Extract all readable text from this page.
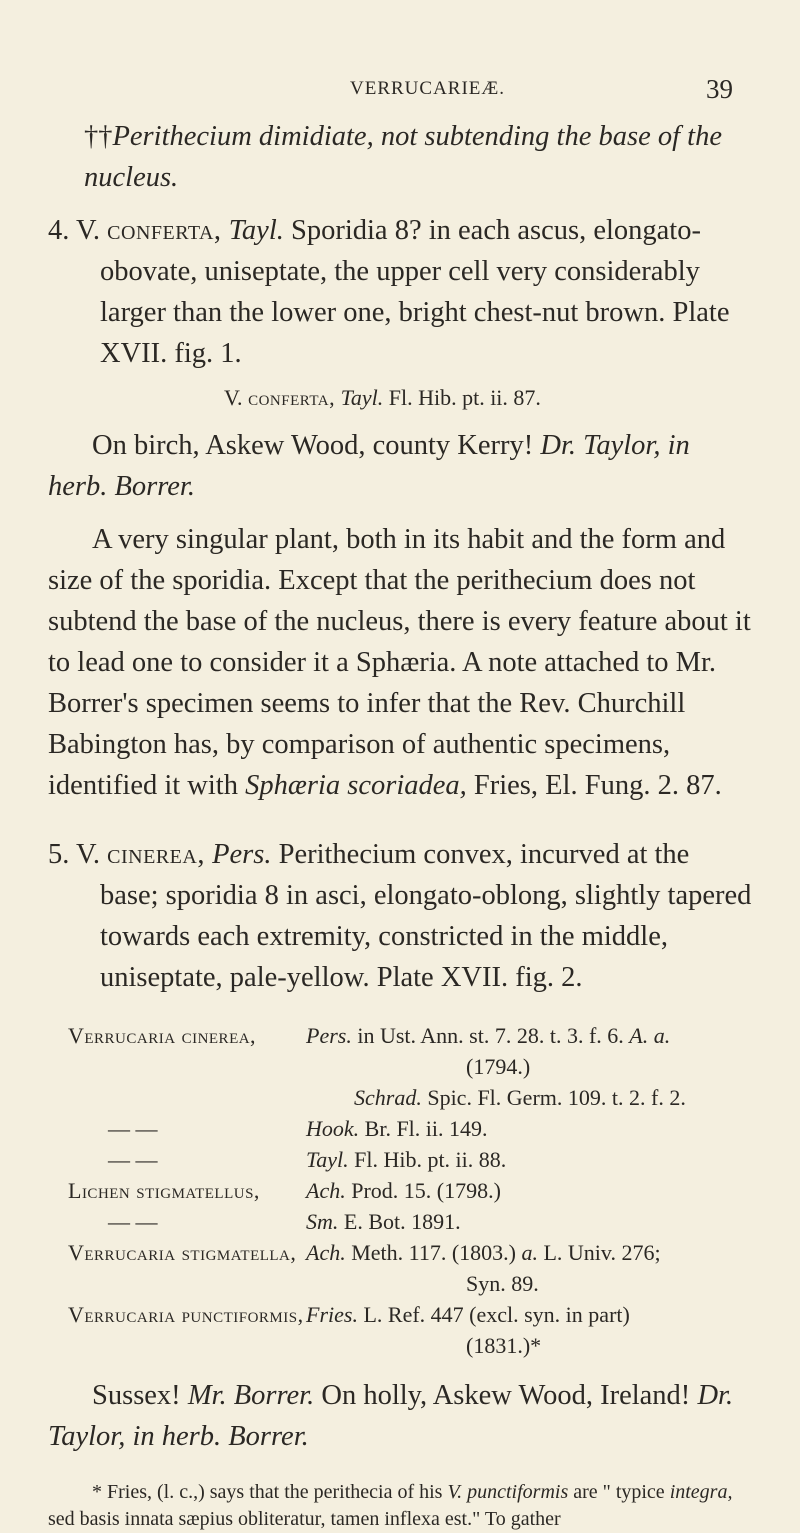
VERRUCARIEÆ.	39

††Perithecium dimidiate, not subtending the base of the nucleus.

4. V. conferta, Tayl. Sporidia 8? in each ascus, elongato-obovate, uniseptate, the upper cell very considerably larger than the lower one, bright chest-nut brown. Plate XVII. fig. 1.

V. conferta, Tayl. Fl. Hib. pt. ii. 87.

On birch, Askew Wood, county Kerry! Dr. Taylor, in herb. Borrer.

A very singular plant, both in its habit and the form and size of the sporidia. Except that the perithecium does not subtend the base of the nucleus, there is every feature about it to lead one to consider it a Sphæria. A note attached to Mr. Borrer's specimen seems to infer that the Rev. Churchill Babington has, by comparison of authentic specimens, identified it with Sphæria scoriadea, Fries, El. Fung. 2. 87.

5. V. cinerea, Pers. Perithecium convex, incurved at the base; sporidia 8 in asci, elongato-oblong, slightly tapered towards each extremity, constricted in the middle, uniseptate, pale-yellow. Plate XVII. fig. 2.

Verrucaria cinerea,	Pers. in Ust. Ann. st. 7. 28. t. 3. f. 6. A. a.
(1794.)
Schrad. Spic. Fl. Germ. 109. t. 2. f. 2.
— —	Hook. Br. Fl. ii. 149.
— —	Tayl. Fl. Hib. pt. ii. 88.
Lichen stigmatellus,	Ach. Prod. 15. (1798.)
— —	Sm. E. Bot. 1891.
Verrucaria stigmatella, Ach. Meth. 117. (1803.) a. L. Univ. 276;
Syn. 89.
Verrucaria punctiformis, Fries. L. Ref. 447 (excl. syn. in part)
(1831.)*

Sussex! Mr. Borrer. On holly, Askew Wood, Ireland! Dr. Taylor, in herb. Borrer.

* Fries, (l. c.,) says that the perithecia of his V. punctiformis are " typice integra, sed basis innata sæpius obliteratur, tamen inflexa est." To gather
